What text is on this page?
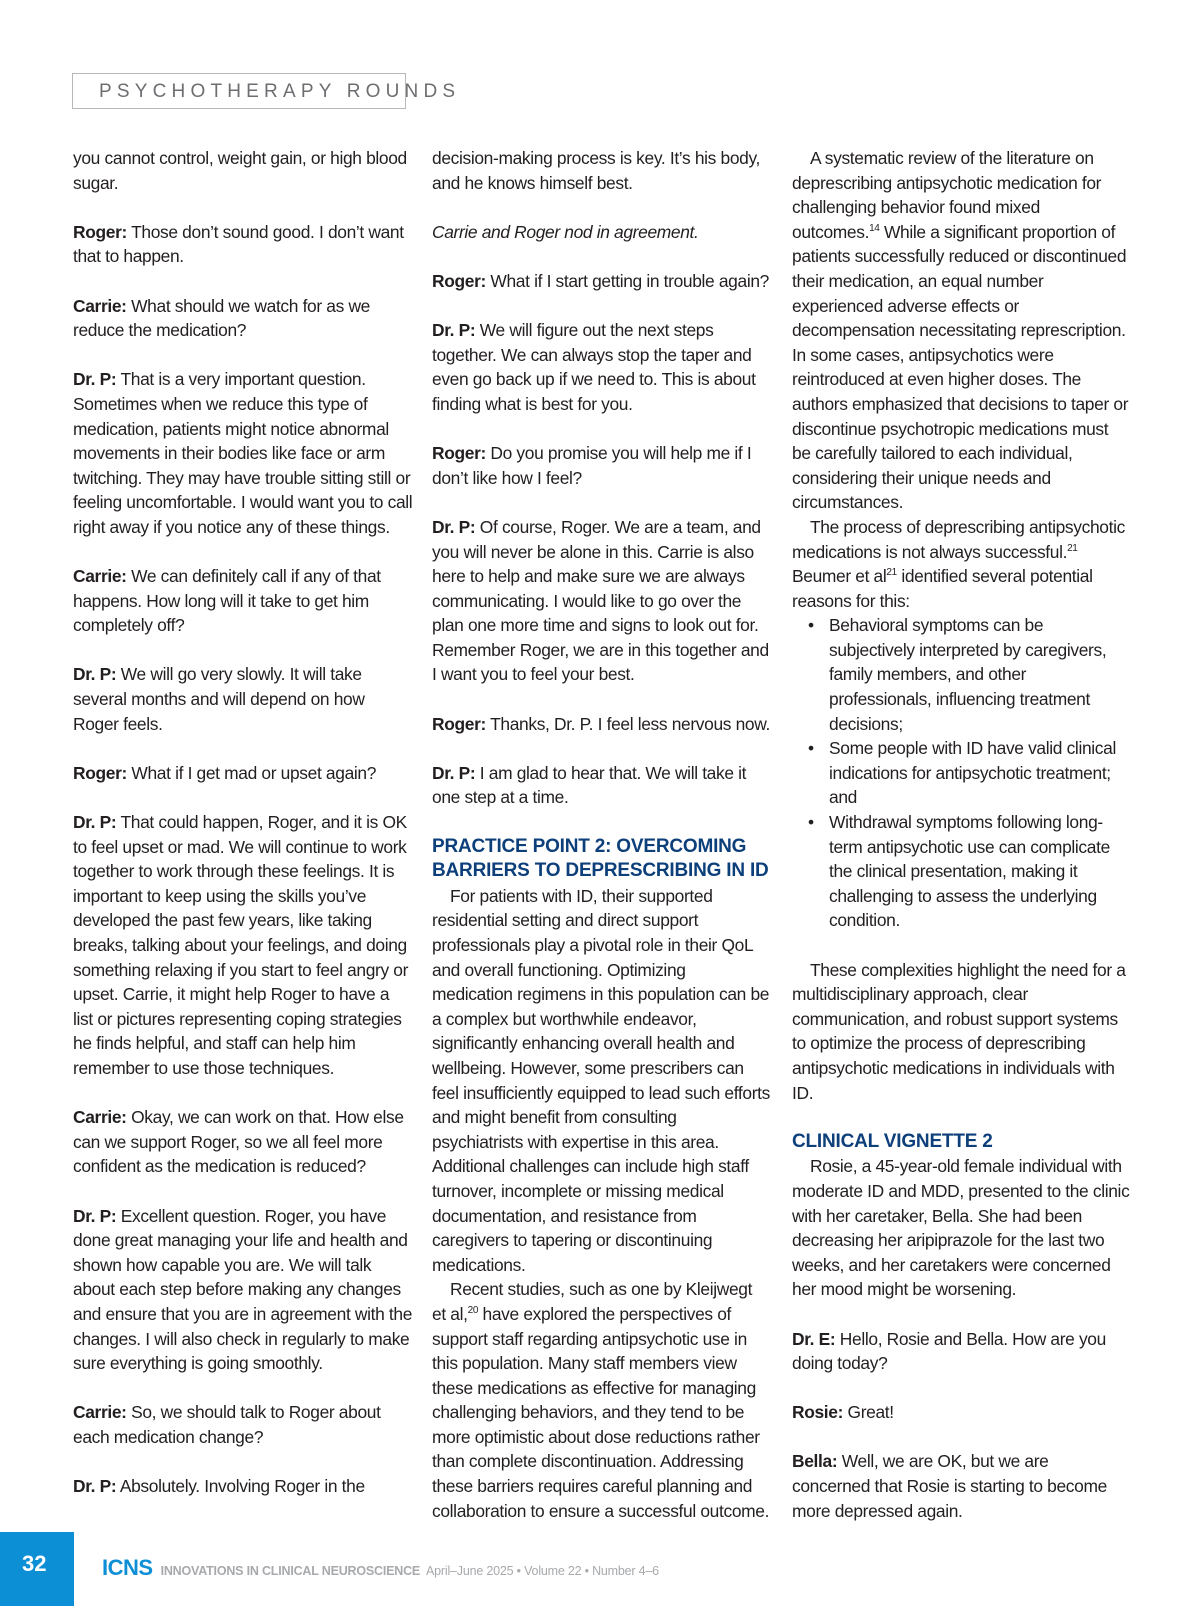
PSYCHOTHERAPY ROUNDS

you cannot control, weight gain, or high blood sugar.

Roger: Those don’t sound good. I don’t want that to happen.

Carrie: What should we watch for as we reduce the medication?

Dr. P: That is a very important question. Sometimes when we reduce this type of medication, patients might notice abnormal movements in their bodies like face or arm twitching. They may have trouble sitting still or feeling uncomfortable. I would want you to call right away if you notice any of these things.

Carrie: We can definitely call if any of that happens. How long will it take to get him completely off?

Dr. P: We will go very slowly. It will take several months and will depend on how Roger feels.

Roger: What if I get mad or upset again?

Dr. P: That could happen, Roger, and it is OK to feel upset or mad. We will continue to work together to work through these feelings. It is important to keep using the skills you’ve developed the past few years, like taking breaks, talking about your feelings, and doing something relaxing if you start to feel angry or upset. Carrie, it might help Roger to have a list or pictures representing coping strategies he finds helpful, and staff can help him remember to use those techniques.

Carrie: Okay, we can work on that. How else can we support Roger, so we all feel more confident as the medication is reduced?

Dr. P: Excellent question. Roger, you have done great managing your life and health and shown how capable you are. We will talk about each step before making any changes and ensure that you are in agreement with the changes. I will also check in regularly to make sure everything is going smoothly.

Carrie: So, we should talk to Roger about each medication change?

Dr. P: Absolutely. Involving Roger in the

decision-making process is key. It’s his body, and he knows himself best.

Carrie and Roger nod in agreement.

Roger: What if I start getting in trouble again?

Dr. P: We will figure out the next steps together. We can always stop the taper and even go back up if we need to. This is about finding what is best for you.

Roger: Do you promise you will help me if I don’t like how I feel?

Dr. P: Of course, Roger. We are a team, and you will never be alone in this. Carrie is also here to help and make sure we are always communicating. I would like to go over the plan one more time and signs to look out for. Remember Roger, we are in this together and I want you to feel your best.

Roger: Thanks, Dr. P. I feel less nervous now.

Dr. P: I am glad to hear that. We will take it one step at a time.

PRACTICE POINT 2: OVERCOMING BARRIERS TO DEPRESCRIBING IN ID

For patients with ID, their supported residential setting and direct support professionals play a pivotal role in their QoL and overall functioning. Optimizing medication regimens in this population can be a complex but worthwhile endeavor, significantly enhancing overall health and wellbeing. However, some prescribers can feel insufficiently equipped to lead such efforts and might benefit from consulting psychiatrists with expertise in this area. Additional challenges can include high staff turnover, incomplete or missing medical documentation, and resistance from caregivers to tapering or discontinuing medications.

Recent studies, such as one by Kleijwegt et al,$^{20}$ have explored the perspectives of support staff regarding antipsychotic use in this population. Many staff members view these medications as effective for managing challenging behaviors, and they tend to be more optimistic about dose reductions rather than complete discontinuation. Addressing these barriers requires careful planning and collaboration to ensure a successful outcome.

A systematic review of the literature on deprescribing antipsychotic medication for challenging behavior found mixed outcomes.$^{14}$ While a significant proportion of patients successfully reduced or discontinued their medication, an equal number experienced adverse effects or decompensation necessitating represcription. In some cases, antipsychotics were reintroduced at even higher doses. The authors emphasized that decisions to taper or discontinue psychotropic medications must be carefully tailored to each individual, considering their unique needs and circumstances.

The process of deprescribing antipsychotic medications is not always successful.$^{21}$ Beumer et $al^{21}$ identified several potential reasons for this:

• Behavioral symptoms can be subjectively interpreted by caregivers, family members, and other professionals, influencing treatment decisions;
• Some people with ID have valid clinical indications for antipsychotic treatment; and
• Withdrawal symptoms following long-term antipsychotic use can complicate the clinical presentation, making it challenging to assess the underlying condition.

These complexities highlight the need for a multidisciplinary approach, clear communication, and robust support systems to optimize the process of deprescribing antipsychotic medications in individuals with ID.

CLINICAL VIGNETTE 2

Rosie, a 45-year-old female individual with moderate ID and MDD, presented to the clinic with her caretaker, Bella. She had been decreasing her aripiprazole for the last two weeks, and her caretakers were concerned her mood might be worsening.

Dr. E: Hello, Rosie and Bella. How are you doing today?

Rosie: Great!

Bella: Well, we are OK, but we are concerned that Rosie is starting to become more depressed again.

32	ICNS INNOVATIONS IN CLINICAL NEUROSCIENCE April–June 2025 • Volume 22 • Number 4–6
